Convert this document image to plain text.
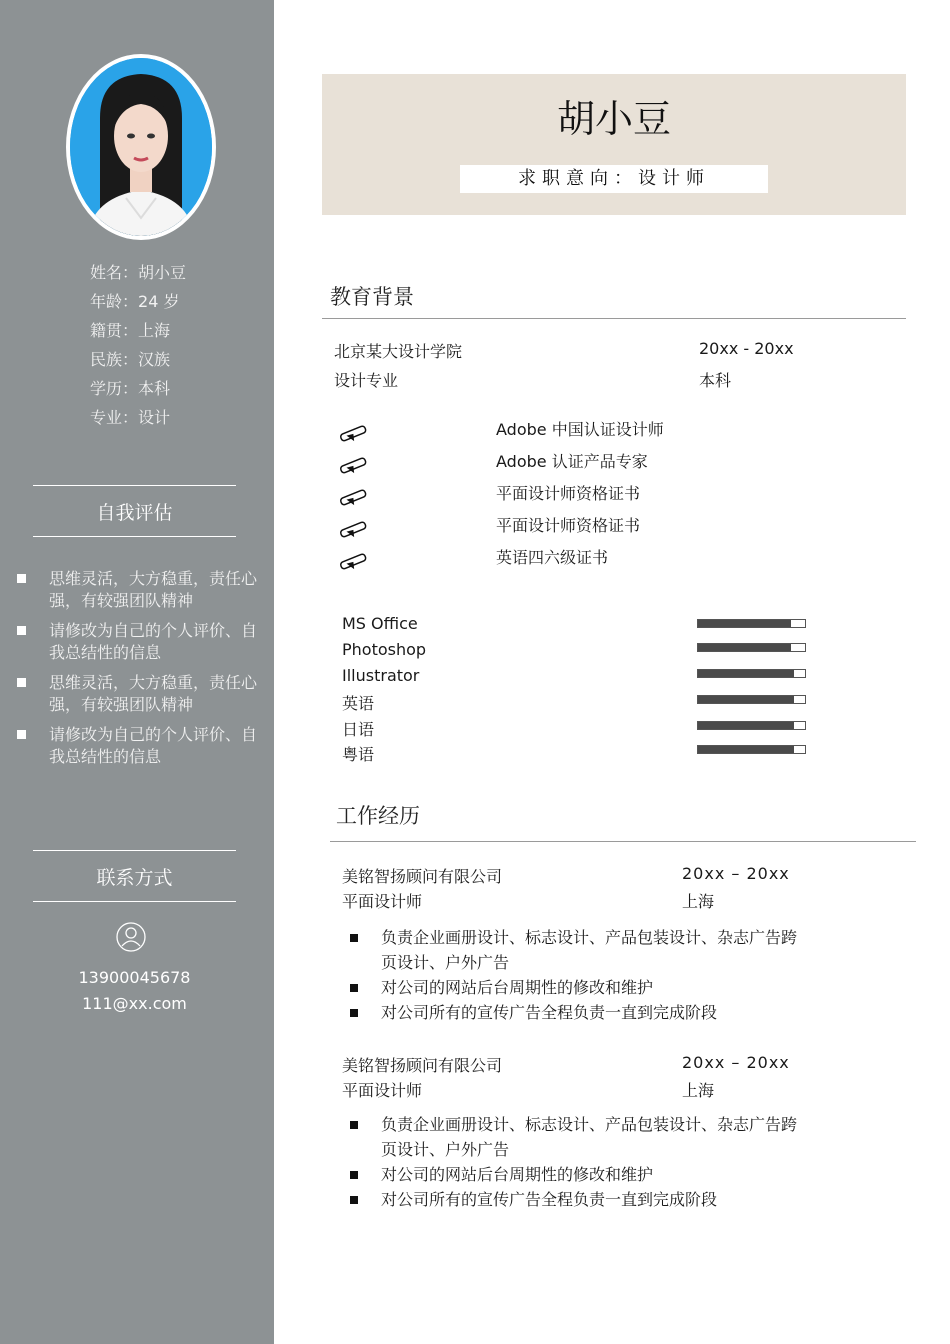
姓名：胡小豆
年龄：24 岁
籍贯：上海
民族：汉族
学历：本科
专业：设计
自我评估
思维灵活，大方稳重，责任心强，有较强团队精神
请修改为自己的个人评价、自我总结性的信息
思维灵活，大方稳重，责任心强，有较强团队精神
请修改为自己的个人评价、自我总结性的信息
联系方式
13900045678
111@xx.com
胡小豆
求职意向：设计师
教育背景
北京某大设计学院	20xx - 20xx
设计专业	本科
Adobe 中国认证设计师
Adobe 认证产品专家
平面设计师资格证书
平面设计师资格证书
英语四六级证书
MS Office
Photoshop
Illustrator
英语
日语
粤语
工作经历
美铭智扬顾问有限公司	20xx – 20xx
平面设计师	上海
负责企业画册设计、标志设计、产品包装设计、杂志广告跨页设计、户外广告
对公司的网站后台周期性的修改和维护
对公司所有的宣传广告全程负责一直到完成阶段
美铭智扬顾问有限公司	20xx – 20xx
平面设计师	上海
负责企业画册设计、标志设计、产品包装设计、杂志广告跨页设计、户外广告
对公司的网站后台周期性的修改和维护
对公司所有的宣传广告全程负责一直到完成阶段
